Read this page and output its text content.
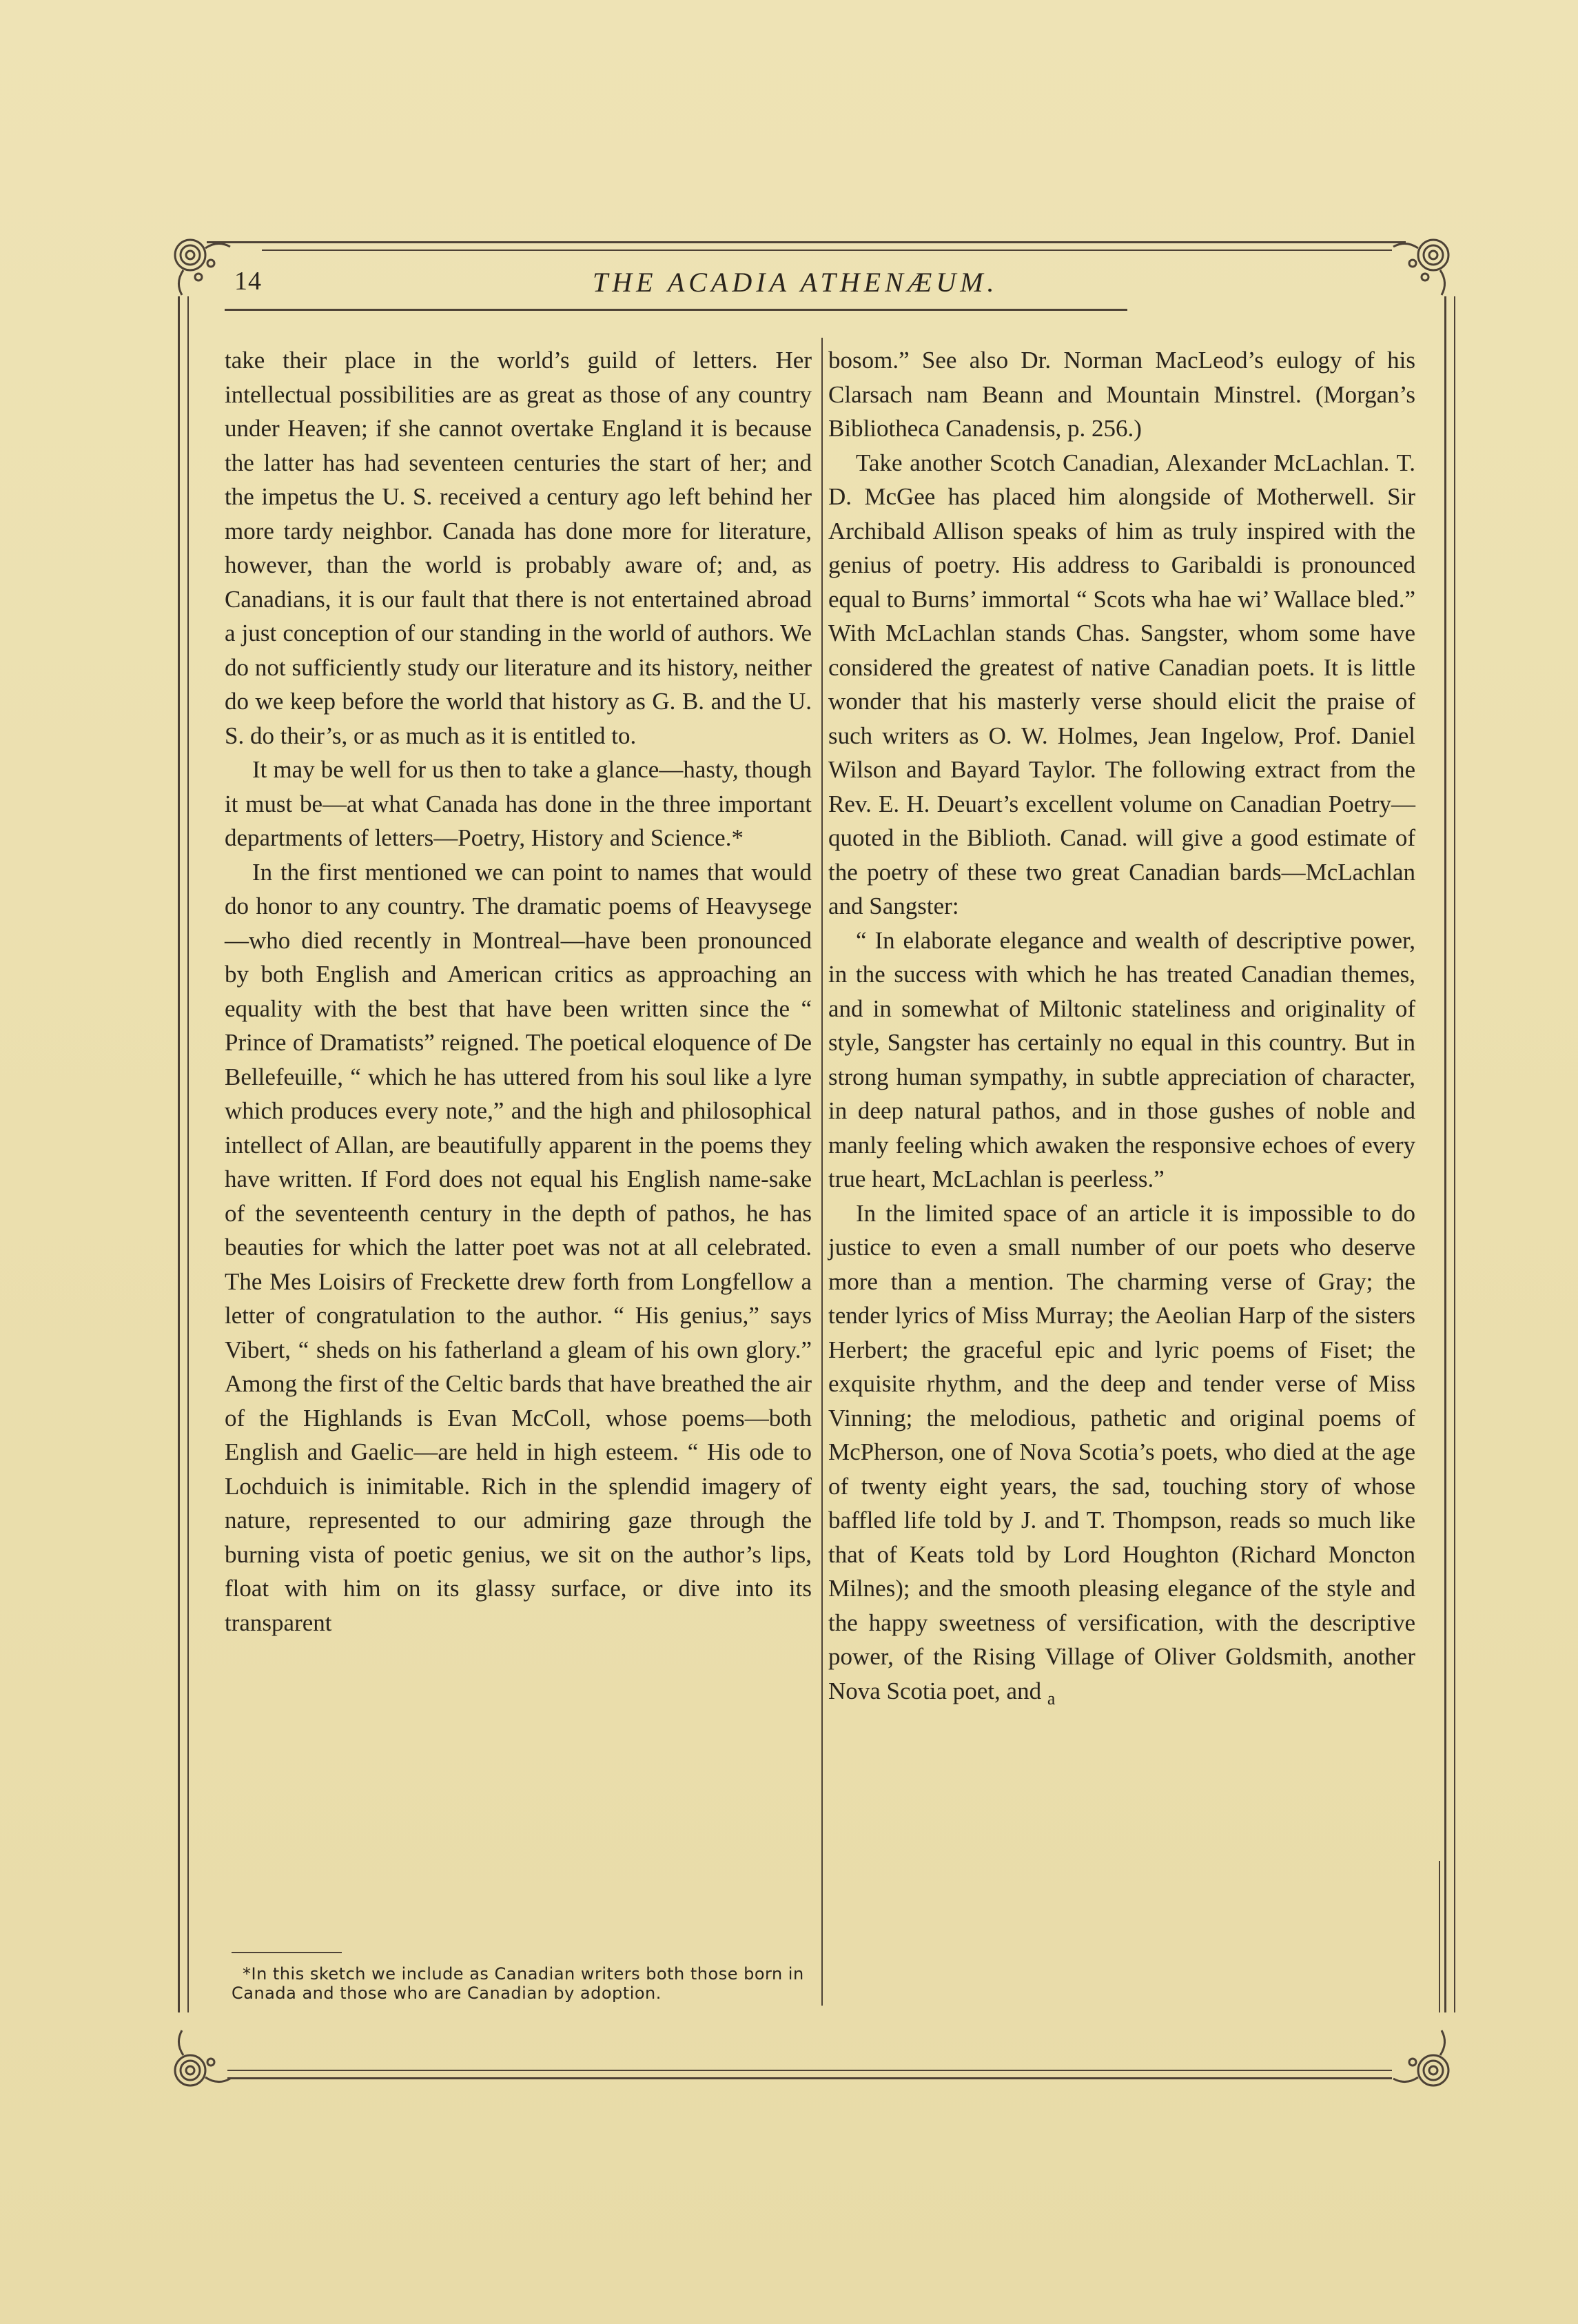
14	THE ACADIA ATHENÆUM.

take their place in the world’s guild of letters. Her intellectual possibilities are as great as those of any country under Heaven; if she cannot overtake England it is because the latter has had seventeen centuries the start of her; and the impetus the U. S. received a century ago left behind her more tardy neighbor. Canada has done more for literature, however, than the world is probably aware of; and, as Canadians, it is our fault that there is not entertained abroad a just conception of our standing in the world of authors. We do not sufficiently study our literature and its history, neither do we keep before the world that history as G. B. and the U. S. do their’s, or as much as it is entitled to.

It may be well for us then to take a glance—hasty, though it must be—at what Canada has done in the three important departments of letters—Poetry, History and Science.*

In the first mentioned we can point to names that would do honor to any country. The dramatic poems of Heavysege—who died recently in Montreal—have been pronounced by both English and American critics as approaching an equality with the best that have been written since the “ Prince of Dramatists” reigned. The poetical eloquence of De Bellefeuille, “ which he has uttered from his soul like a lyre which produces every note,” and the high and philosophical intellect of Allan, are beautifully apparent in the poems they have written. If Ford does not equal his English name-sake of the seventeenth century in the depth of pathos, he has beauties for which the latter poet was not at all celebrated. The Mes Loisirs of Freckette drew forth from Longfellow a letter of congratulation to the author. “ His genius,” says Vibert, “ sheds on his fatherland a gleam of his own glory.” Among the first of the Celtic bards that have breathed the air of the Highlands is Evan McColl, whose poems—both English and Gaelic—are held in high esteem. “ His ode to Lochduich is inimitable. Rich in the splendid imagery of nature, represented to our admiring gaze through the burning vista of poetic genius, we sit on the author’s lips, float with him on its glassy surface, or dive into its transparent

*In this sketch we include as Canadian writers both those born in Canada and those who are Canadian by adoption.

bosom.” See also Dr. Norman MacLeod’s eulogy of his Clarsach nam Beann and Mountain Minstrel. (Morgan’s Bibliotheca Canadensis, p. 256.)

Take another Scotch Canadian, Alexander McLachlan. T. D. McGee has placed him alongside of Motherwell. Sir Archibald Allison speaks of him as truly inspired with the genius of poetry. His address to Garibaldi is pronounced equal to Burns’ immortal “ Scots wha hae wi’ Wallace bled.” With McLachlan stands Chas. Sangster, whom some have considered the greatest of native Canadian poets. It is little wonder that his masterly verse should elicit the praise of such writers as O. W. Holmes, Jean Ingelow, Prof. Daniel Wilson and Bayard Taylor. The following extract from the Rev. E. H. Deuart’s excellent volume on Canadian Poetry—quoted in the Biblioth. Canad. will give a good estimate of the poetry of these two great Canadian bards—McLachlan and Sangster:

“ In elaborate elegance and wealth of descriptive power, in the success with which he has treated Canadian themes, and in somewhat of Miltonic stateliness and originality of style, Sangster has certainly no equal in this country. But in strong human sympathy, in subtle appreciation of character, in deep natural pathos, and in those gushes of noble and manly feeling which awaken the responsive echoes of every true heart, McLachlan is peerless.”

In the limited space of an article it is impossible to do justice to even a small number of our poets who deserve more than a mention. The charming verse of Gray; the tender lyrics of Miss Murray; the Aeolian Harp of the sisters Herbert; the graceful epic and lyric poems of Fiset; the exquisite rhythm, and the deep and tender verse of Miss Vinning; the melodious, pathetic and original poems of McPherson, one of Nova Scotia’s poets, who died at the age of twenty eight years, the sad, touching story of whose baffled life told by J. and T. Thompson, reads so much like that of Keats told by Lord Houghton (Richard Moncton Milnes); and the smooth pleasing elegance of the style and the happy sweetness of versification, with the descriptive power, of the Rising Village of Oliver Goldsmith, another Nova Scotia poet, and $_a$
